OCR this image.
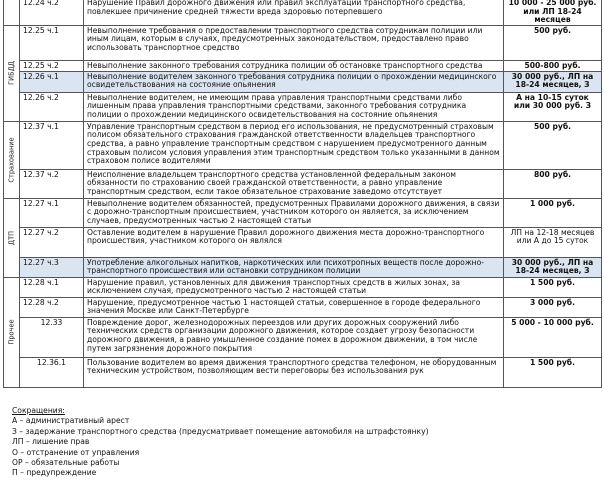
	12.24 ч.2	Нарушение Правил дорожного движения или правил эксплуатации транспортного средства, повлекшее причинение средней тяжести вреда здоровью потерпевшего	10 000 - 25 000 руб. или ЛП 18-24 месяцев

ГИБДД	12.25 ч.1	Невыполнение требования о предоставлении транспортного средства сотрудникам полиции или иным лицам, которым в случаях, предусмотренных законодательством, предоставлено право использовать транспортное средство	500 руб.
	12.25 ч.2	Невыполнение законного требования сотрудника полиции об остановке транспортного средства	500-800 руб.
	12.26 ч.1	Невыполнение водителем законного требования сотрудника полиции о прохождении медицинского освидетельствования на состояние опьянения	30 000 руб., ЛП на 18-24 месяцев, З
	12.26 ч.2	Невыполнение водителем, не имеющим права управления транспортными средствами либо лишенным права управления транспортными средствами, законного требования сотрудника полиции о прохождении медицинского освидетельствования на состояние опьянения	А на 10-15 суток или 30 000 руб. З

Страхование	12.37 ч.1	Управление транспортным средством в период его использования, не предусмотренный страховым полисом обязательного страхования гражданской ответственности владельцев транспортного средства, а равно управление транспортным средством с нарушением предусмотренного данным страховым полисом условия управления этим транспортным средством только указанными в данном страховом полисе водителями	500 руб.
	12.37 ч.2	Неисполнение владельцем транспортного средства установленной федеральным законом обязанности по страхованию своей гражданской ответственности, а равно управление транспортным средством, если такое обязательное страхование заведомо отсутствует	800 руб.

ДТП	12.27 ч.1	Невыполнение водителем обязанностей, предусмотренных Правилами дорожного движения, в связи с дорожно-транспортным происшествием, участником которого он является, за исключением случаев, предусмотренных частью 2 настоящей статьи	1 000 руб.
	12.27 ч.2	Оставление водителем в нарушение Правил дорожного движения места дорожно-транспортного происшествия, участником которого он являлся	ЛП на 12-18 месяцев или А до 15 суток
	12.27 ч.3	Употребление алкогольных напитков, наркотических или психотропных веществ после дорожно-транспортного происшествия или остановки сотрудником полиции	30 000 руб., ЛП на 18-24 месяцев, З

Прочее	12.28 ч.1	Нарушение правил, установленных для движения транспортных средств в жилых зонах, за исключением случая, предусмотренного частью 2 настоящей статьи	1 500 руб.
	12.28 ч.2	Нарушение, предусмотренное частью 1 настоящей статьи, совершенное в городе федерального значения Москве или Санкт-Петербурге	3 000 руб.
	12.33	Повреждение дорог, железнодорожных переездов или других дорожных сооружений либо технических средств организации дорожного движения, которое создает угрозу безопасности дорожного движения, а равно умышленное создание помех в дорожном движении, в том числе путем загрязнения дорожного покрытия	5 000 - 10 000 руб.
	12.36.1	Пользование водителем во время движения транспортного средства телефоном, не оборудованным техническим устройством, позволяющим вести переговоры без использования рук	1 500 руб.
Сокращения:
А – административный арест
З – задержание транспортного средства (предусматривает помещение автомобиля на штрафстоянку)
ЛП – лишение прав
О – отстранение от управления
ОР – обязательные работы
П – предупреждение
